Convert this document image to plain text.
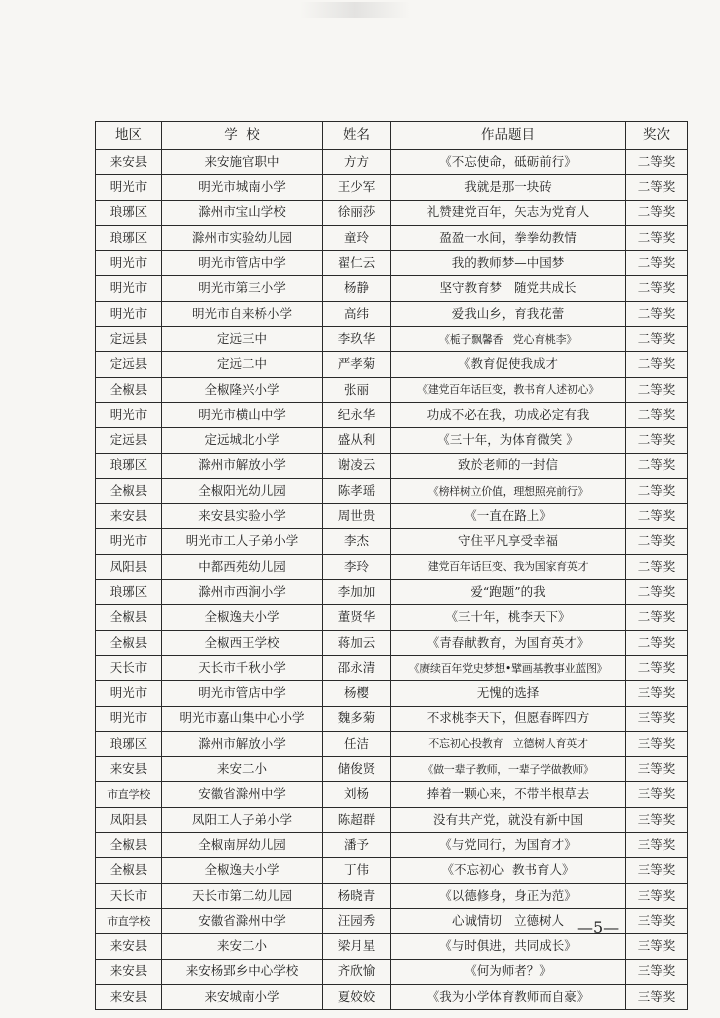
地区	学  校	姓名	作品题目	奖次
来安县	来安施官职中	方方	《不忘使命，砥砺前行》	二等奖
明光市	明光市城南小学	王少军	我就是那一块砖	二等奖
琅琊区	滁州市宝山学校	徐丽莎	礼赞建党百年，矢志为党育人	二等奖
琅琊区	滁州市实验幼儿园	童玲	盈盈一水间，拳拳幼教情	二等奖
明光市	明光市管店中学	翟仁云	我的教师梦—中国梦	二等奖
明光市	明光市第三小学	杨静	坚守教育梦   随党共成长	二等奖
明光市	明光市自来桥小学	高纬	爱我山乡，育我花蕾	二等奖
定远县	定远三中	李玖华	《栀子飘馨香   党心育桃李》	二等奖
定远县	定远二中	严孝菊	《教育促使我成才	二等奖
全椒县	全椒隆兴小学	张丽	《建党百年话巨变，教书育人述初心》	二等奖
明光市	明光市横山中学	纪永华	功成不必在我，功成必定有我	二等奖
定远县	定远城北小学	盛从利	《三十年，为体育微笑 》	二等奖
琅琊区	滁州市解放小学	谢凌云	致於老师的一封信	二等奖
全椒县	全椒阳光幼儿园	陈孝瑶	《榜样树立价值，理想照亮前行》	二等奖
来安县	来安县实验小学	周世贵	《一直在路上》	二等奖
明光市	明光市工人子弟小学	李杰	守住平凡享受幸福	二等奖
凤阳县	中都西苑幼儿园	李玲	建党百年话巨变、我为国家育英才	二等奖
琅琊区	滁州市西涧小学	李加加	爱“跑题”的我	二等奖
全椒县	全椒逸夫小学	董贤华	《三十年，桃李天下》	二等奖
全椒县	全椒西王学校	蒋加云	《青春献教育，为国育英才》	二等奖
天长市	天长市千秋小学	邵永清	《赓续百年党史梦想•擘画基教事业蓝图》	二等奖
明光市	明光市管店中学	杨樱	无愧的选择	三等奖
明光市	明光市嘉山集中心小学	魏多菊	不求桃李天下，但愿春晖四方	三等奖
琅琊区	滁州市解放小学	任洁	不忘初心投教育   立德树人育英才	三等奖
来安县	来安二小	储俊贤	《做一辈子教师，一辈子学做教师》	三等奖
市直学校	安徽省滁州中学	刘杨	捧着一颗心来，不带半根草去	三等奖
凤阳县	凤阳工人子弟小学	陈超群	没有共产党，就没有新中国	三等奖
全椒县	全椒南屏幼儿园	潘予	《与党同行，为国育才》	三等奖
全椒县	全椒逸夫小学	丁伟	《不忘初心  教书育人》	三等奖
天长市	天长市第二幼儿园	杨晓青	《以德修身，身正为范》	三等奖
市直学校	安徽省滁州中学	汪园秀	心诚情切   立德树人	三等奖
来安县	来安二小	梁月星	《与时俱进，共同成长》	三等奖
来安县	来安杨郢乡中心学校	齐欣愉	《何为师者？》	三等奖
来安县	来安城南小学	夏姣姣	《我为小学体育教师而自豪》	三等奖
—5—
